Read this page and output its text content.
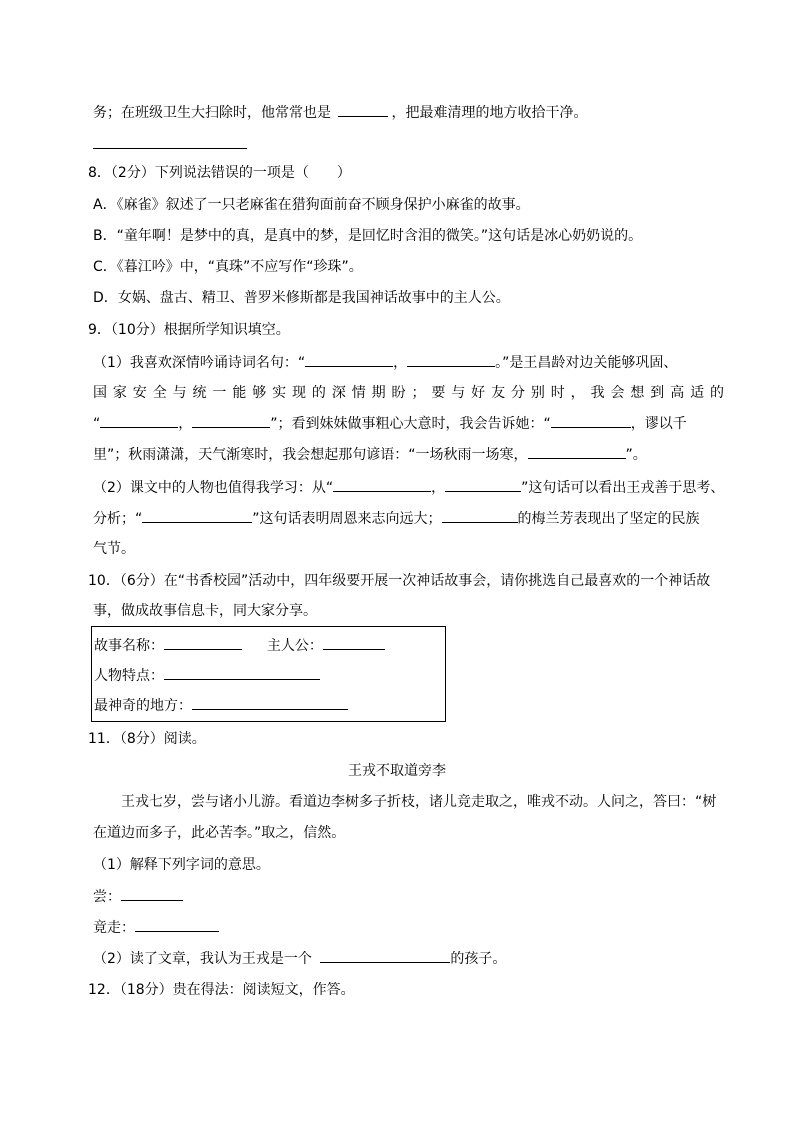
务；在班级卫生大扫除时，他常常也是	，把最难清理的地方收拾干净。
8．（2分）下列说法错误的一项是（　　）
A．《麻雀》叙述了一只老麻雀在猎狗面前奋不顾身保护小麻雀的故事。
B．“童年啊！是梦中的真，是真中的梦，是回忆时含泪的微笑。”这句话是冰心奶奶说的。
C．《暮江吟》中，“真珠”不应写作“珍珠”。
D．女娲、盘古、精卫、普罗米修斯都是我国神话故事中的主人公。
9．（10分）根据所学知识填空。
（1）我喜欢深情吟诵诗词名句：“	，	。”是王昌龄对边关能够巩固、
国家安全与统一能够实现的深情期盼；要与好友分别时，我会想到高适的
“	，	”；看到妹妹做事粗心大意时，我会告诉她：“	，谬以千
里”；秋雨潇潇，天气渐寒时，我会想起那句谚语：“一场秋雨一场寒，	”。
（2）课文中的人物也值得我学习：从“	，	”这句话可以看出王戎善于思考、
分析；“	”这句话表明周恩来志向远大；	的梅兰芳表现出了坚定的民族
气节。
10．（6分）在“书香校园”活动中，四年级要开展一次神话故事会，请你挑选自己最喜欢的一个神话故
事，做成故事信息卡，同大家分享。
故事名称：	主人公：
人物特点：
最神奇的地方：
11．（8分）阅读。
王戎不取道旁李
王戎七岁，尝与诸小儿游。看道边李树多子折枝，诸儿竞走取之，唯戎不动。人问之，答曰：“树
在道边而多子，此必苦李。”取之，信然。
（1）解释下列字词的意思。
尝：
竟走：
（2）读了文章，我认为王戎是一个	的孩子。
12．（18分）贵在得法：阅读短文，作答。
